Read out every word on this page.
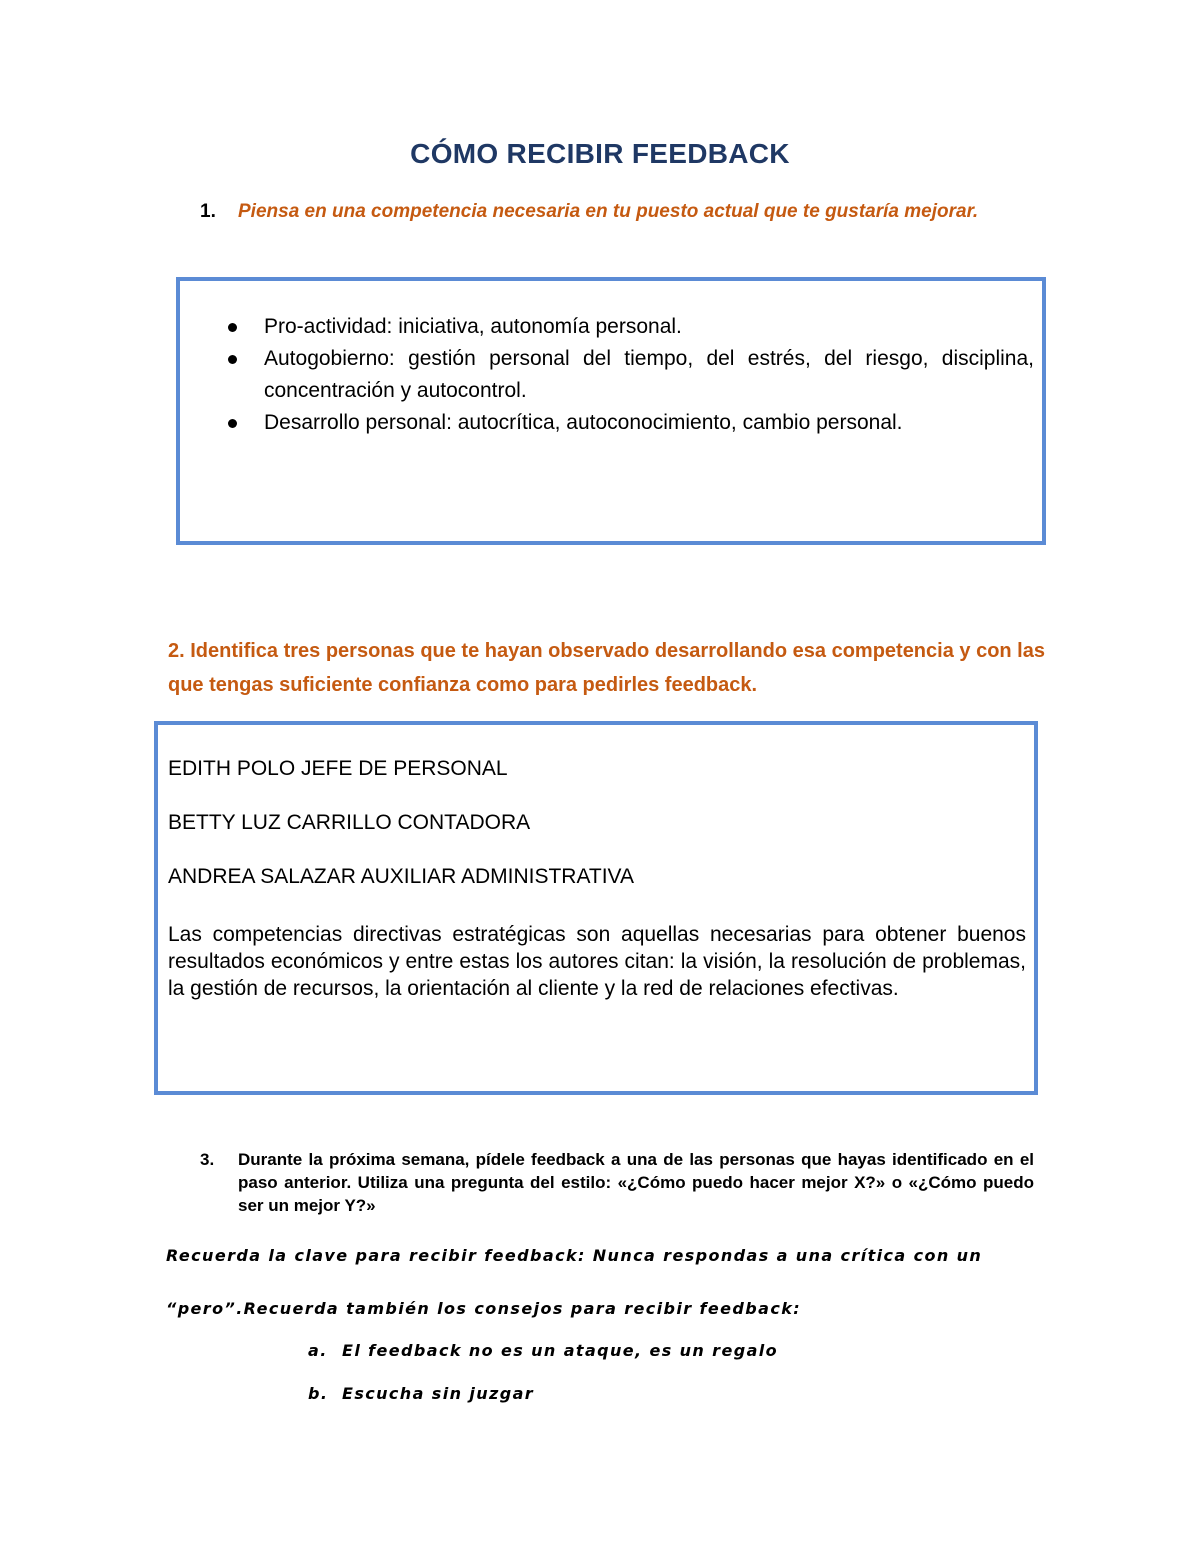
CÓMO RECIBIR FEEDBACK
1.	Piensa en una competencia necesaria en tu puesto actual que te gustaría mejorar.
Pro-actividad: iniciativa, autonomía personal.
Autogobierno: gestión personal del tiempo, del estrés, del riesgo, disciplina, concentración y autocontrol.
Desarrollo personal: autocrítica, autoconocimiento, cambio personal.
2. Identifica tres personas que te hayan observado desarrollando esa competencia y con las que tengas suficiente confianza como para pedirles feedback.
EDITH POLO JEFE DE PERSONAL
BETTY LUZ CARRILLO CONTADORA
ANDREA SALAZAR AUXILIAR ADMINISTRATIVA
Las competencias directivas estratégicas son aquellas necesarias para obtener buenos resultados económicos y entre estas los autores citan: la visión, la resolución de problemas, la gestión de recursos, la orientación al cliente y la red de relaciones efectivas.
3.	Durante la próxima semana, pídele feedback a una de las personas que hayas identificado en el paso anterior. Utiliza una pregunta del estilo: «¿Cómo puedo hacer mejor X?» o «¿Cómo puedo ser un mejor Y?»
Recuerda la clave para recibir feedback: Nunca respondas a una crítica con un
“pero”.Recuerda también los consejos para recibir feedback:
a. El feedback no es un ataque, es un regalo
b. Escucha sin juzgar
